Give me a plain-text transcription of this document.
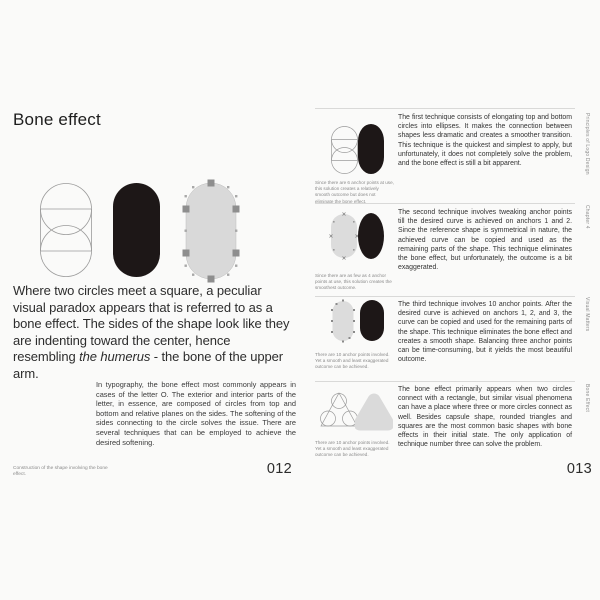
Bone effect

Where two circles meet a square, a peculiar visual paradox appears that is referred to as a bone effect. The sides of the shape look like they are indenting toward the center, hence resembling the humerus - the bone of the upper arm.

In typography, the bone effect most commonly appears in cases of the letter O. The exterior and interior parts of the letter, in essence, are composed of circles from top and bottom and relative planes on the sides. The softening of the sides connecting to the circle solves the issue. There are several techniques that can be employed to achieve the desired softening.

Construction of the shape involving the bone effect.	012
Since there are 6 anchor points at use, this solution creates a relatively smooth outcome but does not eliminate the bone effect.

The first technique consists of elongating top and bottom circles into ellipses. It makes the connection between shapes less dramatic and creates a smoother transition. This technique is the quickest and simplest to apply, but unfortunately, it does not completely solve the problem, and the bone effect is still a bit apparent.

Since there are as few as 4 anchor points at use, this solution creates the smoothest outcome.

The second technique involves tweaking anchor points till the desired curve is achieved on anchors 1 and 2. Since the reference shape is symmetrical in nature, the achieved curve can be copied and used as the remaining parts of the shape. This technique eliminates the bone effect, but unfortunately, the outcome is a bit exaggerated.

There are 10 anchor points involved. Yet a smooth and least exaggerated outcome can be achieved.

The third technique involves 10 anchor points. After the desired curve is achieved on anchors 1, 2, and 3, the curve can be copied and used for the remaining parts of the shape. This technique eliminates the bone effect and creates a smooth shape. Balancing three anchor points can be time-consuming, but it yields the most beautiful outcome.

There are 10 anchor points involved. Yet a smooth and least exaggerated outcome can be achieved.

The bone effect primarily appears when two circles connect with a rectangle, but similar visual phenomena can have a place where three or more circles connect as well. Besides capsule shape, rounded triangles and squares are the most common basic shapes with bone effects in their initial state. The only application of technique number three can solve the problem.

013
Principles of Logo Design
Chapter 4
Visual Matters
Bone Effect
